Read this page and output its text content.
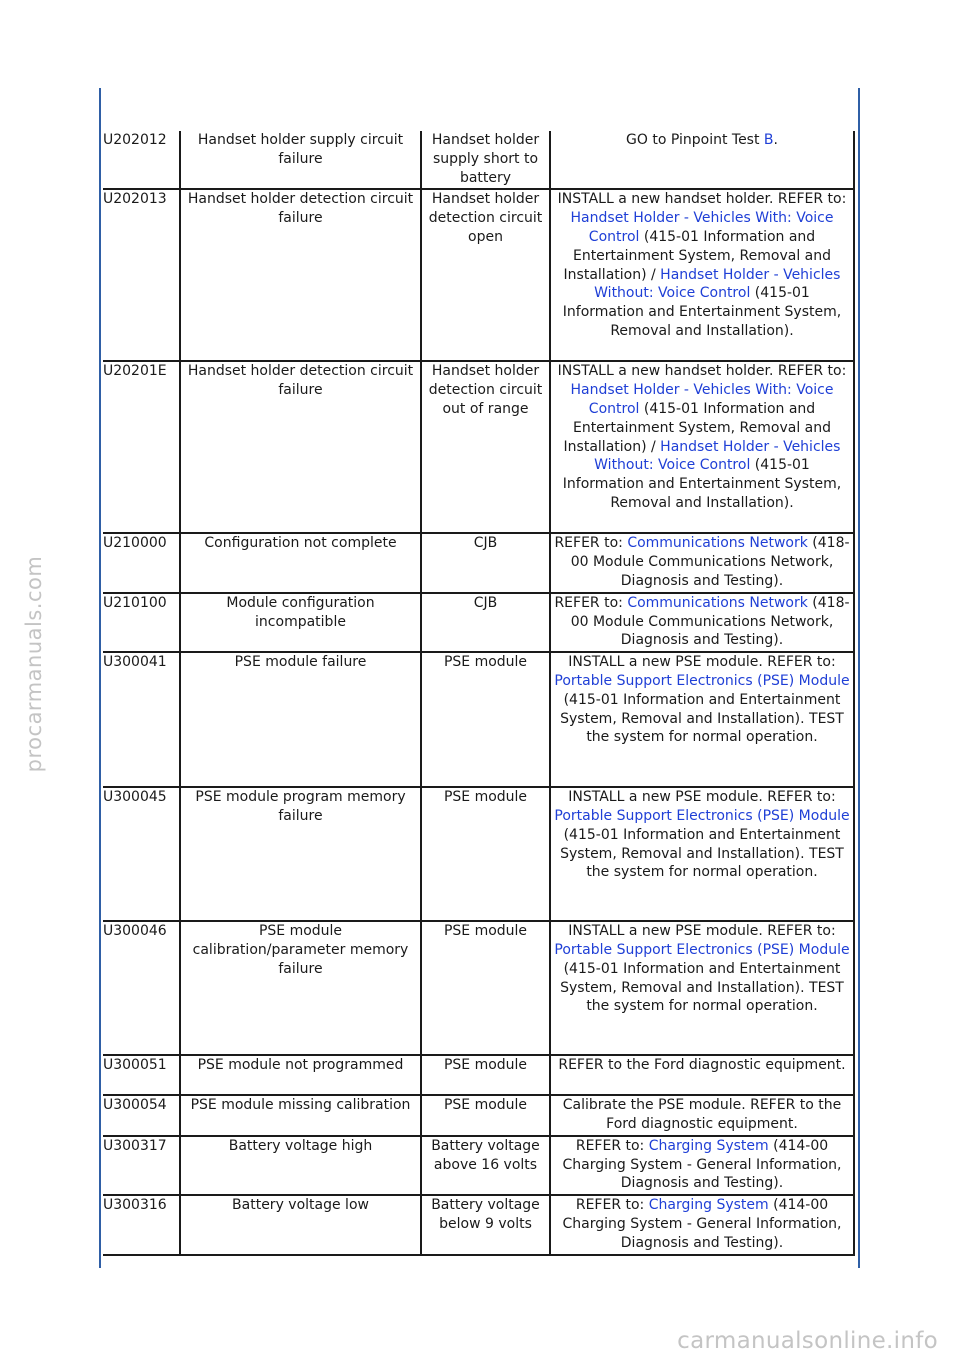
procarmanuals.com
carmanualsonline.info
U202012	Handset holder supply circuit failure	Handset holder supply short to battery	GO to Pinpoint Test B.
U202013	Handset holder detection circuit failure	Handset holder detection circuit open	INSTALL a new handset holder. REFER to: Handset Holder - Vehicles With: Voice Control (415-01 Information and Entertainment System, Removal and Installation) / Handset Holder - Vehicles Without: Voice Control (415-01 Information and Entertainment System, Removal and Installation).
U20201E	Handset holder detection circuit failure	Handset holder detection circuit out of range	INSTALL a new handset holder. REFER to: Handset Holder - Vehicles With: Voice Control (415-01 Information and Entertainment System, Removal and Installation) / Handset Holder - Vehicles Without: Voice Control (415-01 Information and Entertainment System, Removal and Installation).
U210000	Configuration not complete	CJB	REFER to: Communications Network (418-00 Module Communications Network, Diagnosis and Testing).
U210100	Module configuration incompatible	CJB	REFER to: Communications Network (418-00 Module Communications Network, Diagnosis and Testing).
U300041	PSE module failure	PSE module	INSTALL a new PSE module. REFER to: Portable Support Electronics (PSE) Module (415-01 Information and Entertainment System, Removal and Installation). TEST the system for normal operation.
U300045	PSE module program memory failure	PSE module	INSTALL a new PSE module. REFER to: Portable Support Electronics (PSE) Module (415-01 Information and Entertainment System, Removal and Installation). TEST the system for normal operation.
U300046	PSE module calibration/parameter memory failure	PSE module	INSTALL a new PSE module. REFER to: Portable Support Electronics (PSE) Module (415-01 Information and Entertainment System, Removal and Installation). TEST the system for normal operation.
U300051	PSE module not programmed	PSE module	REFER to the Ford diagnostic equipment.
U300054	PSE module missing calibration	PSE module	Calibrate the PSE module. REFER to the Ford diagnostic equipment.
U300317	Battery voltage high	Battery voltage above 16 volts	REFER to: Charging System (414-00 Charging System - General Information, Diagnosis and Testing).
U300316	Battery voltage low	Battery voltage below 9 volts	REFER to: Charging System (414-00 Charging System - General Information, Diagnosis and Testing).
